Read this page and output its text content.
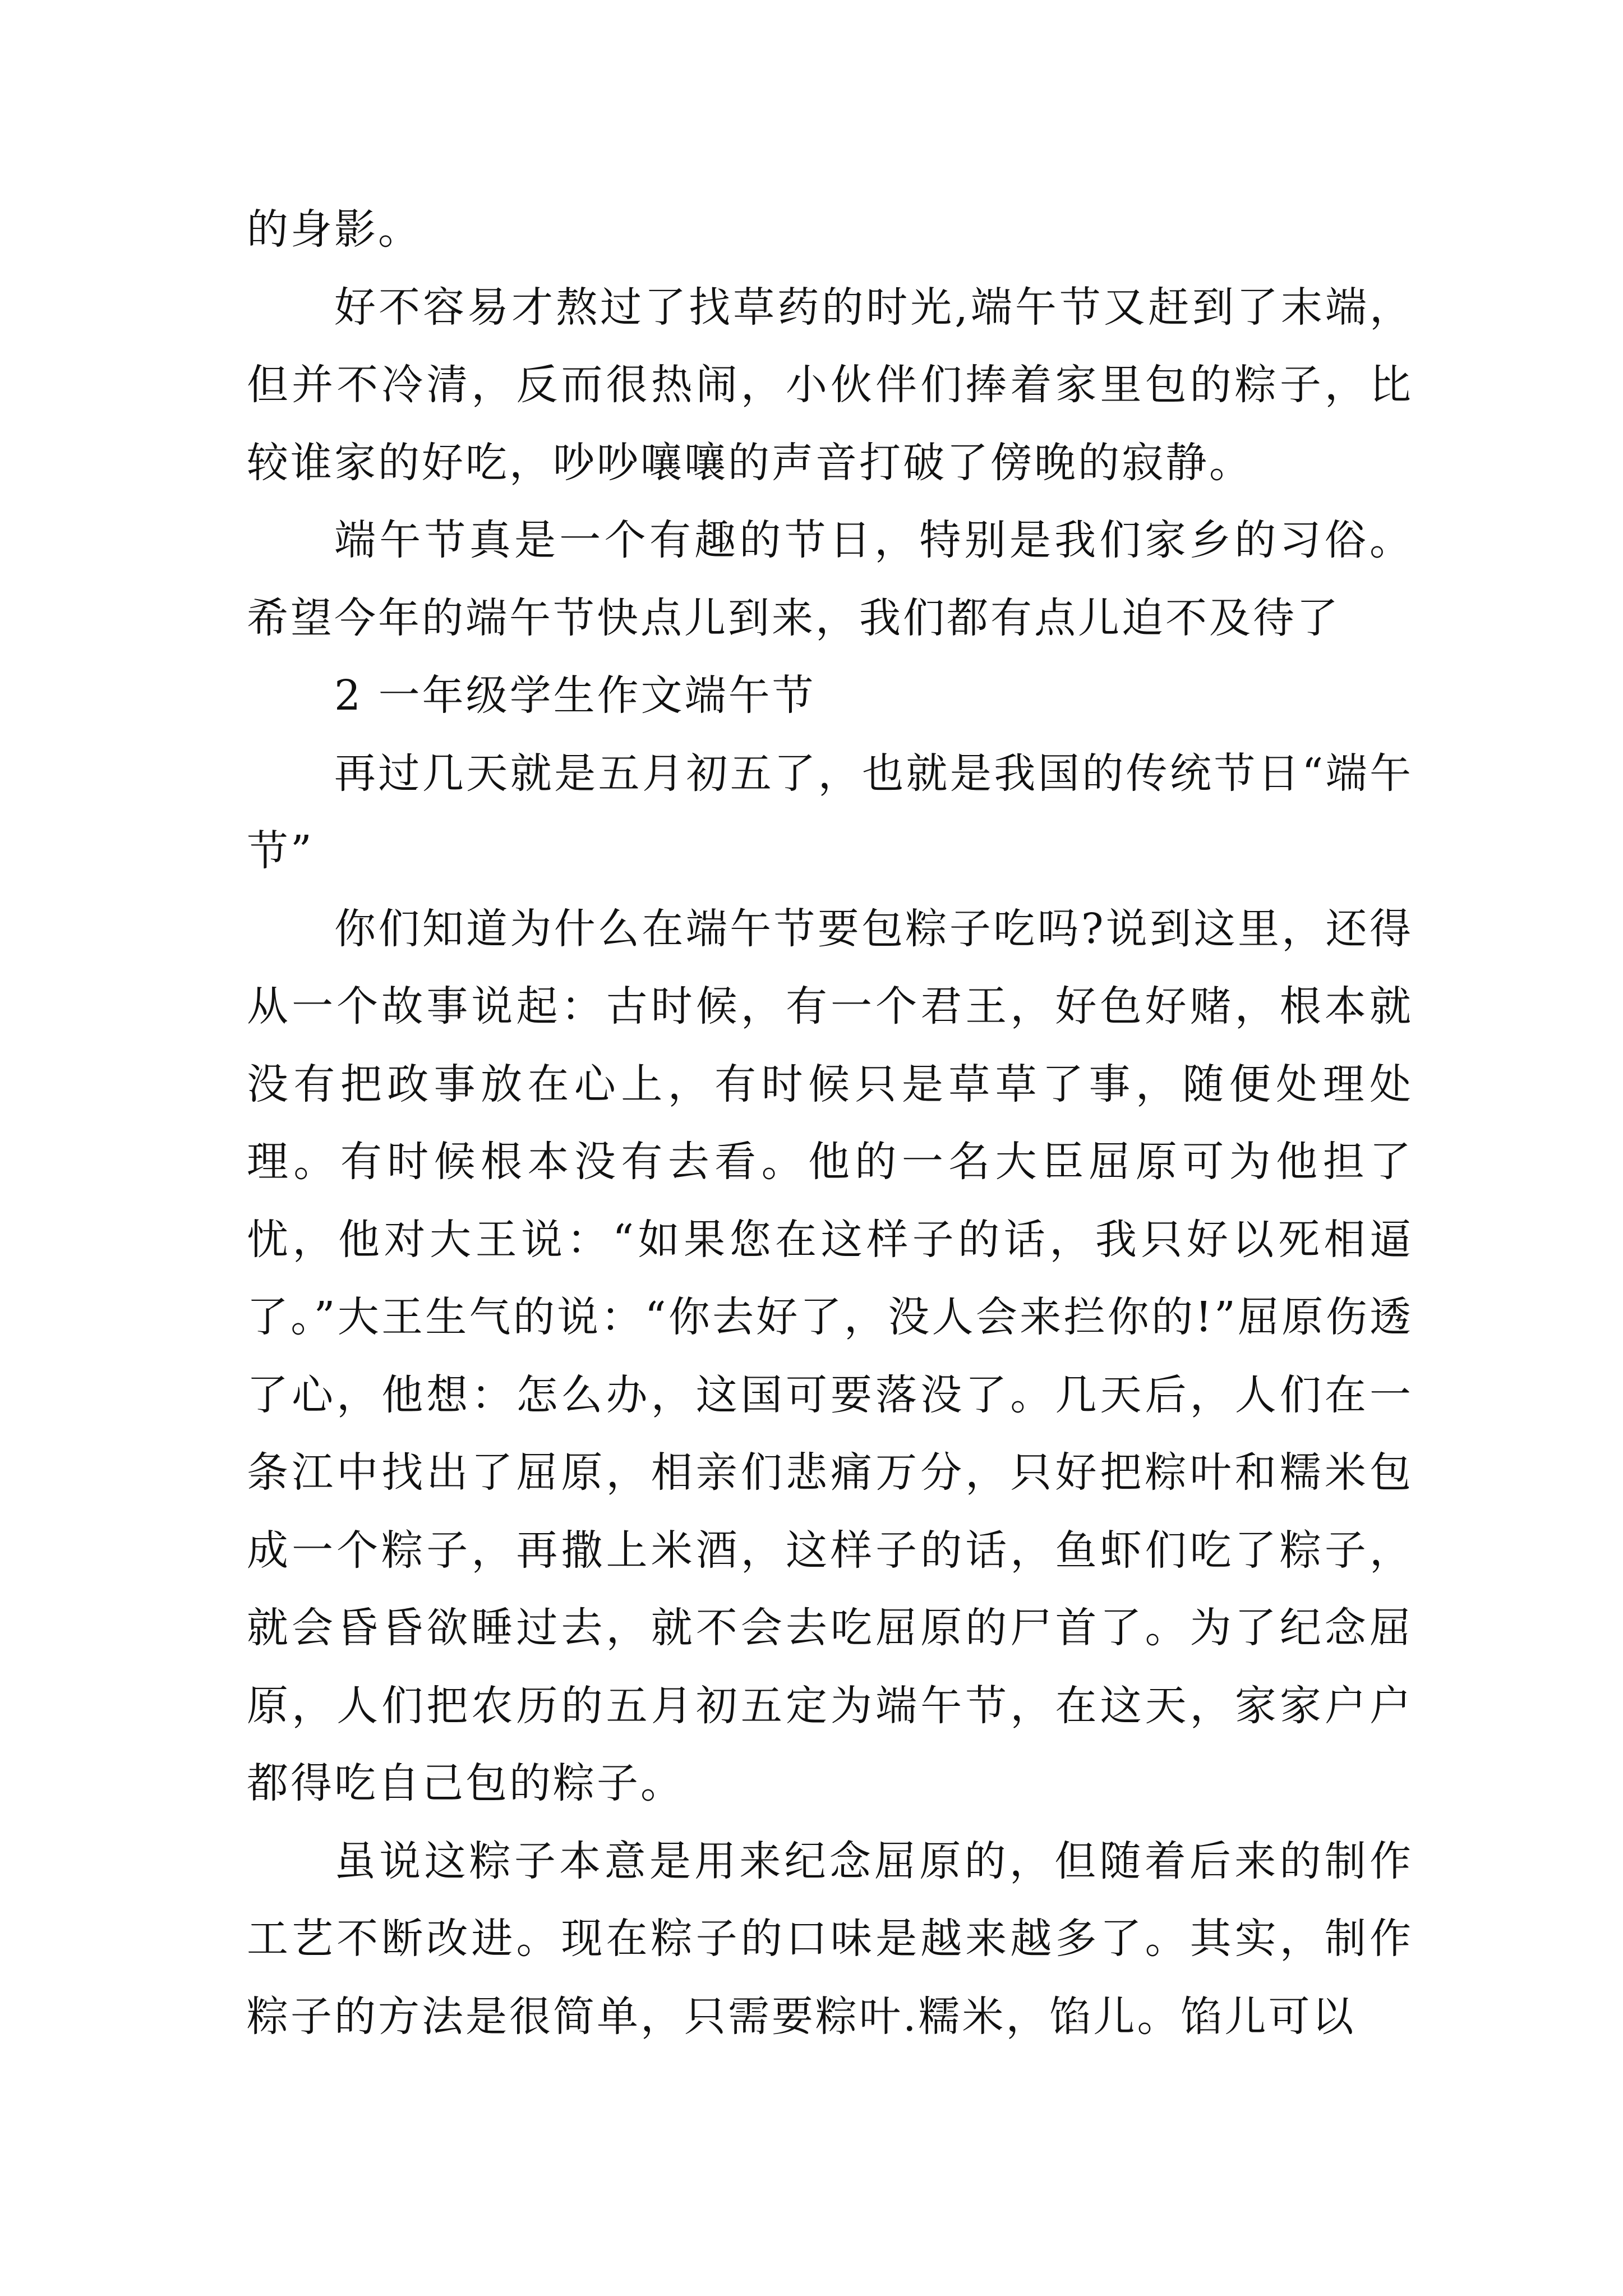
的身影。

好不容易才熬过了找草药的时光,端午节又赶到了末端，但并不冷清，反而很热闹，小伙伴们捧着家里包的粽子，比较谁家的好吃，吵吵嚷嚷的声音打破了傍晚的寂静。

端午节真是一个有趣的节日，特别是我们家乡的习俗。希望今年的端午节快点儿到来，我们都有点儿迫不及待了

2 一年级学生作文端午节

再过几天就是五月初五了，也就是我国的传统节日“端午节”

你们知道为什么在端午节要包粽子吃吗?说到这里，还得从一个故事说起：古时候，有一个君王，好色好赌，根本就没有把政事放在心上，有时候只是草草了事，随便处理处理。有时候根本没有去看。他的一名大臣屈原可为他担了忧，他对大王说：“如果您在这样子的话，我只好以死相逼了。”大王生气的说：“你去好了，没人会来拦你的!”屈原伤透了心，他想：怎么办，这国可要落没了。几天后，人们在一条江中找出了屈原，相亲们悲痛万分，只好把粽叶和糯米包成一个粽子，再撒上米酒，这样子的话，鱼虾们吃了粽子，就会昏昏欲睡过去，就不会去吃屈原的尸首了。为了纪念屈原，人们把农历的五月初五定为端午节，在这天，家家户户都得吃自己包的粽子。

虽说这粽子本意是用来纪念屈原的，但随着后来的制作工艺不断改进。现在粽子的口味是越来越多了。其实，制作粽子的方法是很简单，只需要粽叶.糯米，馅儿。馅儿可以
